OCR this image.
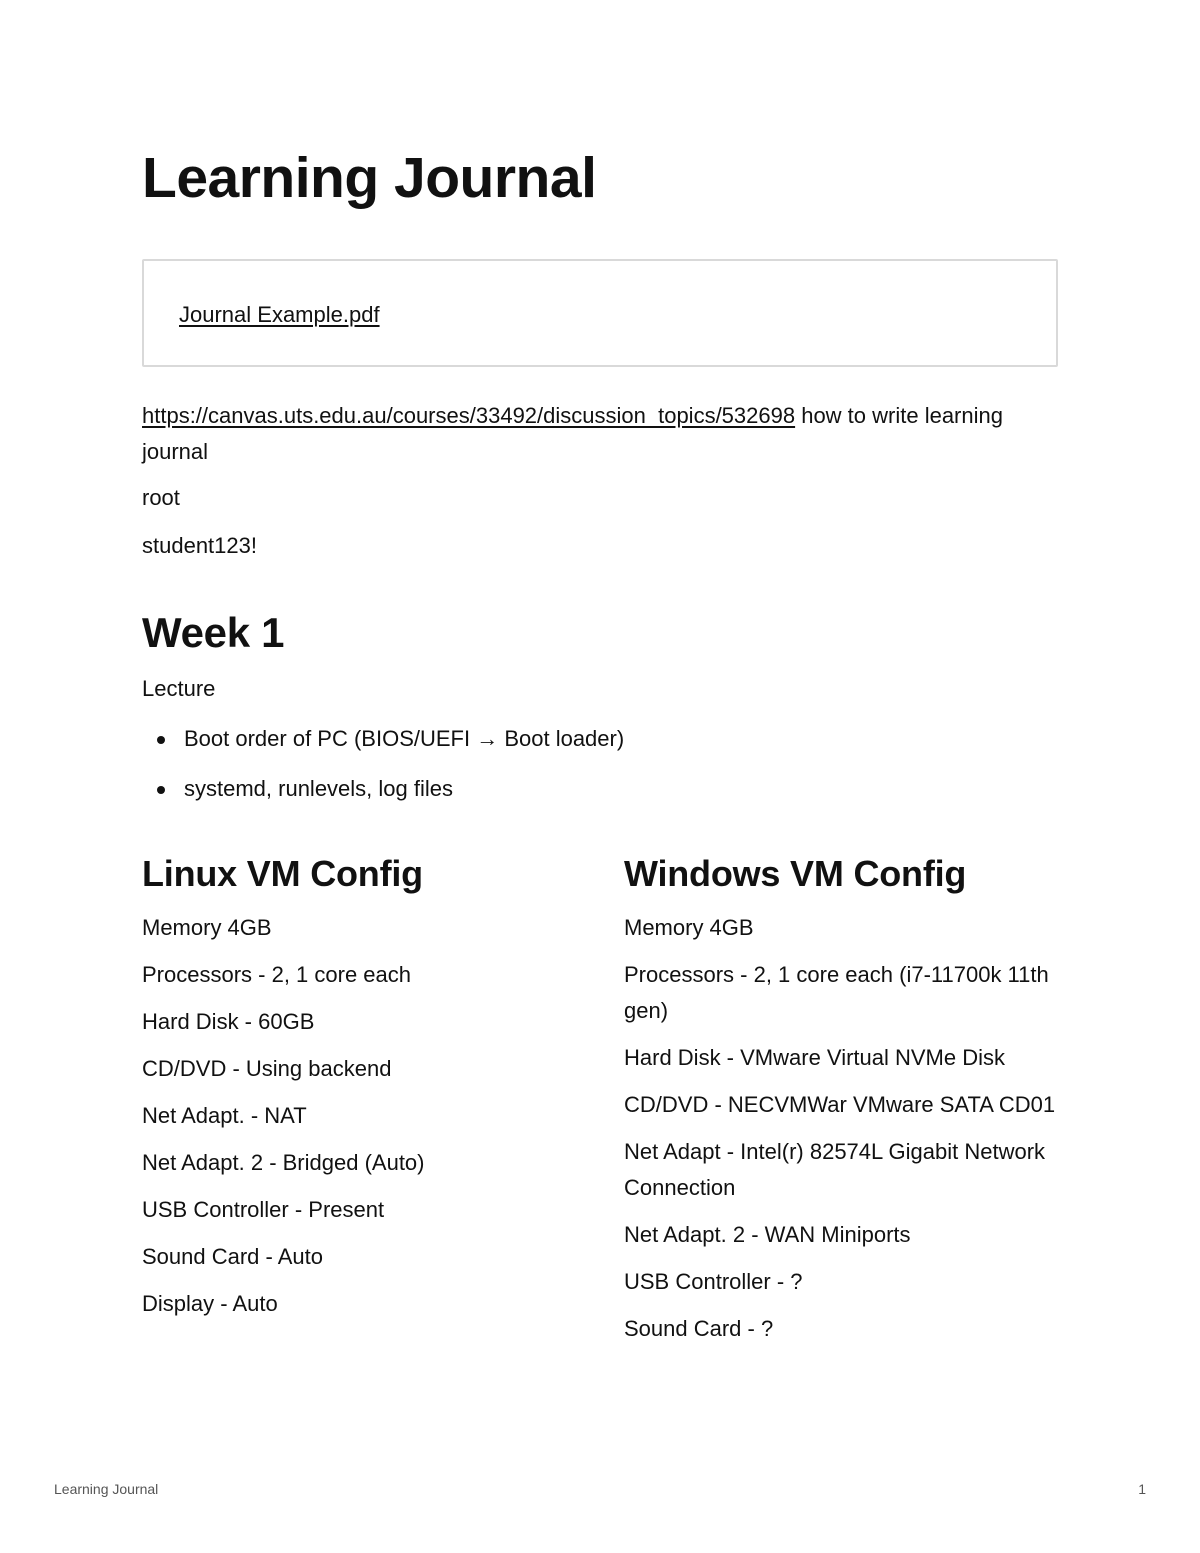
Learning Journal
Journal Example.pdf

https://canvas.uts.edu.au/courses/33492/discussion_topics/532698 how to write learning journal

root

student123!

Week 1

Lecture

Boot order of PC (BIOS/UEFI → Boot loader)
systemd, runlevels, log files
Linux VM Config

Memory 4GB

Processors - 2, 1 core each

Hard Disk - 60GB

CD/DVD - Using backend

Net Adapt. - NAT

Net Adapt. 2 - Bridged (Auto)

USB Controller - Present

Sound Card - Auto

Display - Auto

Windows VM Config

Memory 4GB

Processors - 2, 1 core each (i7-11700k 11th gen)

Hard Disk - VMware Virtual NVMe Disk

CD/DVD - NECVMWar VMware SATA CD01

Net Adapt - Intel(r) 82574L Gigabit Network Connection

Net Adapt. 2 - WAN Miniports

USB Controller - ?

Sound Card - ?

Learning Journal	1
